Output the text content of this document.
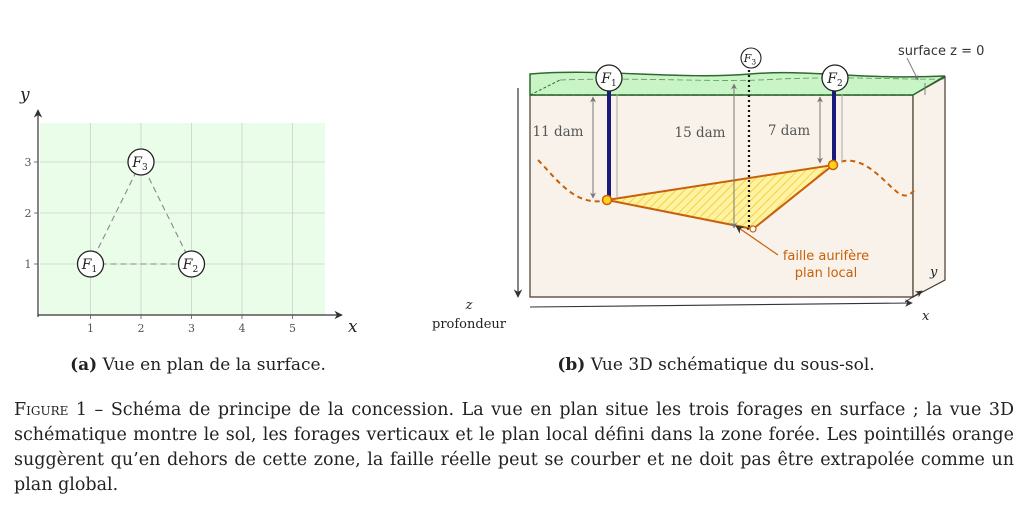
y
x
1	2	3	4	5
1
2
3
$F_1$	$F_2$
$F_3$
(a) Vue en plan de la surface.
surface z = 0
11 dam	15 dam	7 dam
faille aurifère
plan local
$F_1$
$F_3$
$F_2$
z
profondeur
x
y
(b) Vue 3D schématique du sous-sol.
Figure 1 – Schéma de principe de la concession. La vue en plan situe les trois forages en surface ; la vue 3D schématique montre le sol, les forages verticaux et le plan local défini dans la zone forée. Les pointillés orange suggèrent qu’en dehors de cette zone, la faille réelle peut se courber et ne doit pas être extrapolée comme un plan global.
